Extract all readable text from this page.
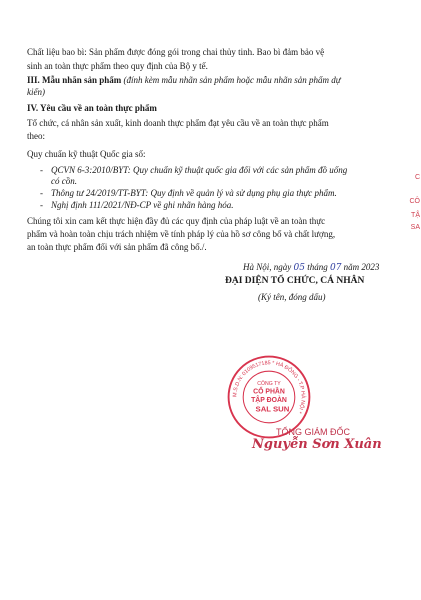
Chất liệu bao bì: Sản phẩm được đóng gói trong chai thủy tinh. Bao bì đảm bảo vệ
sinh an toàn thực phẩm theo quy định của Bộ y tế.
III. Mẫu nhãn sản phẩm (đính kèm mẫu nhãn sản phẩm hoặc mẫu nhãn sản phẩm dự
kiến)
IV. Yêu cầu về an toàn thực phẩm
Tổ chức, cá nhân sản xuất, kinh doanh thực phẩm đạt yêu cầu về an toàn thực phẩm
theo:
Quy chuẩn kỹ thuật Quốc gia số:
- QCVN 6-3:2010/BYT: Quy chuẩn kỹ thuật quốc gia đối với các sản phẩm đồ uống
có cồn.
- Thông tư 24/2019/TT-BYT: Quy định về quản lý và sử dụng phụ gia thực phẩm.
- Nghị định 111/2021/NĐ-CP về ghi nhãn hàng hóa.
Chúng tôi xin cam kết thực hiện đầy đủ các quy định của pháp luật về an toàn thực
phẩm và hoàn toàn chịu trách nhiệm về tính pháp lý của hồ sơ công bố và chất lượng,
an toàn thực phẩm đối với sản phẩm đã công bố./.
Hà Nội, ngày 05 tháng 07 năm 2023
ĐẠI DIỆN TỔ CHỨC, CÁ NHÂN
(Ký tên, đóng dấu)
M.S.D.N: 0109517185 * HÀ ĐÔNG - T.P HÀ NỘI *
CÔNG TY
CỔ PHẦN
TẬP ĐOÀN
SAL SUN
TỔNG GIÁM ĐỐC
Nguyễn Sơn Xuân
C
CÔ
TẬ
SA
